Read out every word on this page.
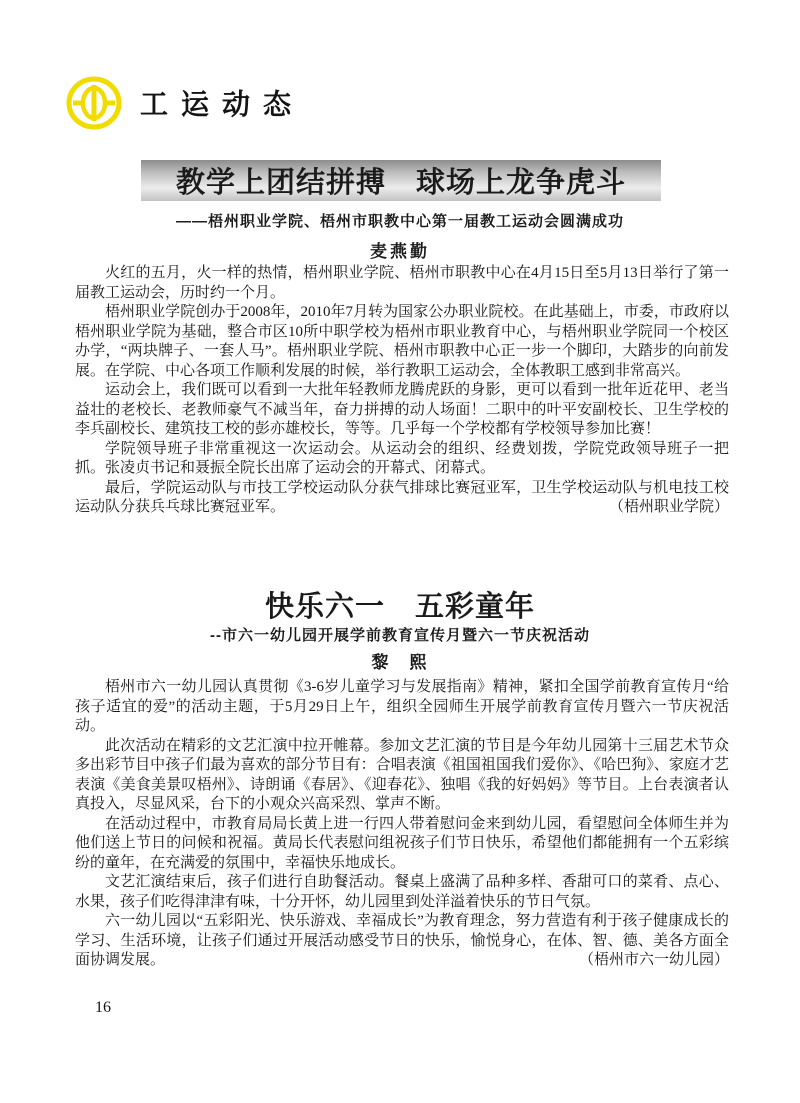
工运动态
教学上团结拼搏　球场上龙争虎斗
——梧州职业学院、梧州市职教中心第一届教工运动会圆满成功
麦燕勤

火红的五月，火一样的热情，梧州职业学院、梧州市职教中心在4月15日至5月13日举行了第一届教工运动会，历时约一个月。

梧州职业学院创办于2008年，2010年7月转为国家公办职业院校。在此基础上，市委，市政府以梧州职业学院为基础，整合市区10所中职学校为梧州市职业教育中心，与梧州职业学院同一个校区办学，“两块牌子、一套人马”。梧州职业学院、梧州市职教中心正一步一个脚印，大踏步的向前发展。在学院、中心各项工作顺利发展的时候，举行教职工运动会，全体教职工感到非常高兴。

运动会上，我们既可以看到一大批年轻教师龙腾虎跃的身影，更可以看到一批年近花甲、老当益壮的老校长、老教师豪气不减当年，奋力拼搏的动人场面！二职中的叶平安副校长、卫生学校的李兵副校长、建筑技工校的彭亦雄校长，等等。几乎每一个学校都有学校领导参加比赛！

学院领导班子非常重视这一次运动会。从运动会的组织、经费划拨，学院党政领导班子一把抓。张凌贞书记和聂振全院长出席了运动会的开幕式、闭幕式。

最后，学院运动队与市技工学校运动队分获气排球比赛冠亚军，卫生学校运动队与机电技工校运动队分获兵乓球比赛冠亚军。	（梧州职业学院）

快乐六一　五彩童年
--市六一幼儿园开展学前教育宣传月暨六一节庆祝活动
黎　熙

梧州市六一幼儿园认真贯彻《3-6岁儿童学习与发展指南》精神，紧扣全国学前教育宣传月“给孩子适宜的爱”的活动主题，于5月29日上午，组织全园师生开展学前教育宣传月暨六一节庆祝活动。

此次活动在精彩的文艺汇演中拉开帷幕。参加文艺汇演的节目是今年幼儿园第十三届艺术节众多出彩节目中孩子们最为喜欢的部分节目有：合唱表演《祖国祖国我们爱你》、《哈巴狗》、家庭才艺表演《美食美景叹梧州》、诗朗诵《春居》、《迎春花》、独唱《我的好妈妈》等节目。上台表演者认真投入，尽显风采，台下的小观众兴高采烈、掌声不断。

在活动过程中，市教育局局长黄上进一行四人带着慰问金来到幼儿园，看望慰问全体师生并为他们送上节日的问候和祝福。黄局长代表慰问组祝孩子们节日快乐，希望他们都能拥有一个五彩缤纷的童年，在充满爱的氛围中，幸福快乐地成长。

文艺汇演结束后，孩子们进行自助餐活动。餐桌上盛满了品种多样、香甜可口的菜肴、点心、水果，孩子们吃得津津有味，十分开怀，幼儿园里到处洋溢着快乐的节日气氛。

六一幼儿园以“五彩阳光、快乐游戏、幸福成长”为教育理念，努力营造有利于孩子健康成长的学习、生活环境，让孩子们通过开展活动感受节日的快乐，愉悦身心，在体、智、德、美各方面全面协调发展。	（梧州市六一幼儿园）

16
